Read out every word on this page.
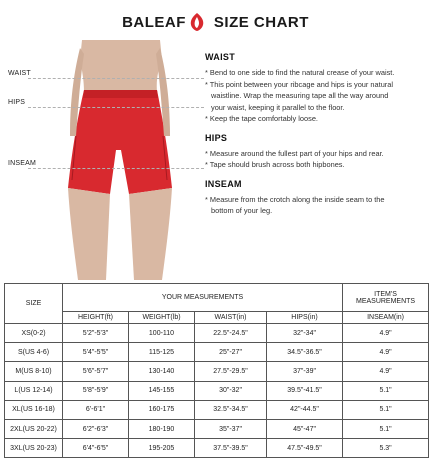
BALEAF SIZE CHART
WAIST
HIPS
INSEAM
WAIST
* Bend to one side to find the natural crease of your waist.
* This point between your ribcage and hips is your natural
waistline. Wrap the measuring tape all the way around
your waist, keeping it parallel to the floor.
* Keep the tape comfortably loose.
HIPS
* Measure around the fullest part of your hips and rear.
* Tape should brush across both hipbones.
INSEAM
* Measure from the crotch along the inside seam to the
bottom of your leg.
SIZE	YOUR MEASUREMENTS				ITEM'S
MEASUREMENTS

	HEIGHT(ft)	WEIGHT(lb)	WAIST(in)	HIPS(in)	INSEAM(in)
XS(0-2)	5'2"-5'3"	100-110	22.5"-24.5"	32"-34"	4.9"
S(US 4-6)	5'4"-5'5"	115-125	25"-27"	34.5"-36.5"	4.9"
M(US 8-10)	5'6"-5'7"	130-140	27.5"-29.5"	37"-39"	4.9"
L(US 12-14)	5'8"-5'9"	145-155	30"-32"	39.5"-41.5"	5.1"
XL(US 16-18)	6'-6'1"	160-175	32.5"-34.5"	42"-44.5"	5.1"
2XL(US 20-22)	6'2"-6'3"	180-190	35"-37"	45"-47"	5.1"
3XL(US 20-23)	6'4"-6'5"	195-205	37.5"-39.5"	47.5"-49.5"	5.3"
